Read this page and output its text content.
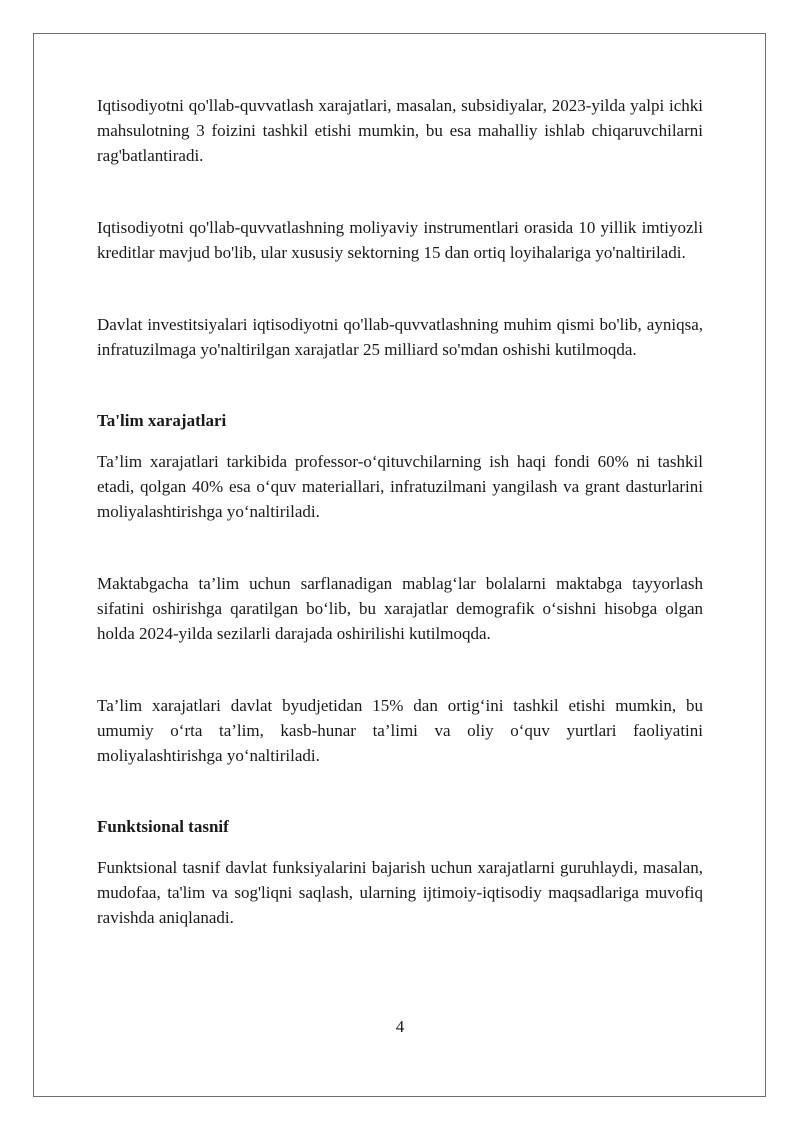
Iqtisodiyotni qo'llab-quvvatlash xarajatlari, masalan, subsidiyalar, 2023-yilda yalpi ichki mahsulotning 3 foizini tashkil etishi mumkin, bu esa mahalliy ishlab chiqaruvchilarni rag'batlantiradi.

Iqtisodiyotni qo'llab-quvvatlashning moliyaviy instrumentlari orasida 10 yillik imtiyozli kreditlar mavjud bo'lib, ular xususiy sektorning 15 dan ortiq loyihalariga yo'naltiriladi.

Davlat investitsiyalari iqtisodiyotni qo'llab-quvvatlashning muhim qismi bo'lib, ayniqsa, infratuzilmaga yo'naltirilgan xarajatlar 25 milliard so'mdan oshishi kutilmoqda.

Ta'lim xarajatlari

Ta’lim xarajatlari tarkibida professor-o‘qituvchilarning ish haqi fondi 60% ni tashkil etadi, qolgan 40% esa o‘quv materiallari, infratuzilmani yangilash va grant dasturlarini moliyalashtirishga yo‘naltiriladi.

Maktabgacha ta’lim uchun sarflanadigan mablag‘lar bolalarni maktabga tayyorlash sifatini oshirishga qaratilgan bo‘lib, bu xarajatlar demografik o‘sishni hisobga olgan holda 2024-yilda sezilarli darajada oshirilishi kutilmoqda.

Ta’lim xarajatlari davlat byudjetidan 15% dan ortig‘ini tashkil etishi mumkin, bu umumiy o‘rta ta’lim, kasb-hunar ta’limi va oliy o‘quv yurtlari faoliyatini moliyalashtirishga yo‘naltiriladi.

Funktsional tasnif

Funktsional tasnif davlat funksiyalarini bajarish uchun xarajatlarni guruhlaydi, masalan, mudofaa, ta'lim va sog'liqni saqlash, ularning ijtimoiy-iqtisodiy maqsadlariga muvofiq ravishda aniqlanadi.

4
